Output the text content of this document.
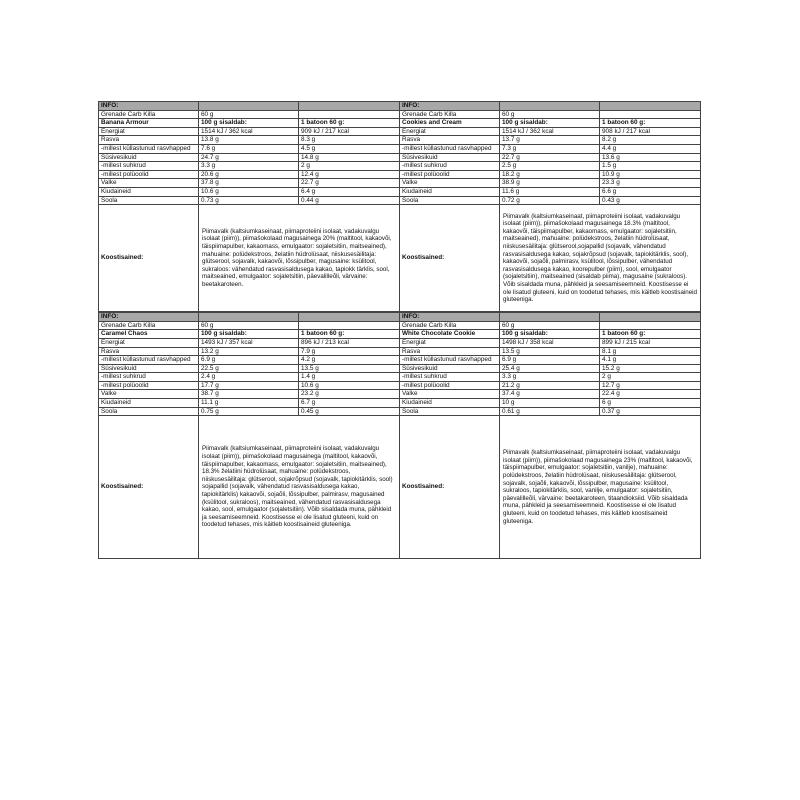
INFO:		
Grenade Carb Killa	60 g	
Banana Armour	100 g sisaldab:	1 batoon 60 g:
Energiat	1514 kJ / 362 kcal	909 kJ / 217 kcal
Rasva	13.8 g	8.3 g
-millest küllastunud rasvhapped	7.6 g	4.5 g
Süsivesikuid	24.7 g	14.8 g
-millest suhkrud	3.3 g	2 g
-millest polüoolid	20.6 g	12.4 g
Valke	37.8 g	22.7 g
Kiudaineid	10.6 g	6.4 g
Soola	0.73 g	0.44 g
Koostisained:	Piimavalk (kaltsiumkaseinaat, piimaproteiini isolaat, vadakuvalgu isolaat (piim)), piimašokolaad magusainega 20% (maltitool, kakaovõi, täispiimapulber, kakaomass, emulgaator: sojaletsitiin, maitseained), mahuaine: polüdekstroos, želatiin hüdrolüsaat, niiskusesäilitaja: glütserool, sojavalk, kakaovõi, lõssipulber, magusaine: ksülitool, sukraloos: vähendatud rasvasisaldusega kakao, tapiokk tärklis, sool, maitseained, emulgaator: sojaletsitiin, päevalilleõli, värvaine: beetakaroteen.	
INFO:		
Grenade Carb Killa	60 g	
Cookies and Cream	100 g sisaldab:	1 batoon 60 g:
Energiat	1514 kJ / 362 kcal	908 kJ / 217 kcal
Rasva	13.7 g	8.2 g
-millest küllastunud rasvhapped	7.3 g	4.4 g
Süsivesikuid	22.7 g	13.6 g
-millest suhkrud	2.5 g	1.5 g
-millest polüoolid	18.2 g	10.9 g
Valke	38.9 g	23.3 g
Kiudaineid	11.6 g	6.6 g
Soola	0.72 g	0.43 g
Koostisained:	Piimavalk (kaltsiumkaseinaat, piimaproteiini isolaat, vadakuvalgu isolaat (piim)), piimašokolaad magusainega 18.3% (maltitool, kakaovõi, täispiimapulber, kakaomass, emulgaator: sojaletsitiin, maitseained), mahuaine: polüdekstroos, želatiin hüdrolüsaat, niiskusesäilitaja: glütserool,sojapallid (sojavalk, vähendatud rasvasisaldusega kakao, sojakrõpsud (sojavalk, tapiokitärklis, sool), kakaovõi, sojaõli, palmirasv, ksülitool, lõssipulber, vähendatud rasvasisaldusega kakao, koorepulber (piim), sool, emulgaator (sojaletsitiin), maitseained (sisaldab piima), magusaine (sukraloos). Võib sisaldada muna, pähkleid ja seesamiseemneid. Koostisesse ei ole lisatud gluteeni, kuid on toodetud tehases, mis käitleb koostisaineid gluteeniga.	
INFO:		
Grenade Carb Killa	60 g	
Caramel Chaos	100 g sisaldab:	1 batoon 60 g:
Energiat	1493 kJ / 357 kcal	896 kJ / 213 kcal
Rasva	13.2 g	7.9 g
-millest küllastunud rasvhapped	6.9 g	4.2 g
Süsivesikuid	22.5 g	13.5 g
-millest suhkrud	2.4 g	1.4 g
-millest polüoolid	17.7 g	10.6 g
Valke	38.7 g	23.2 g
Kiudaineid	11.1 g	6.7 g
Soola	0.75 g	0.45 g
Koostisained:	Piimavalk (kaltsiumkaseinaat, piimaproteiini isolaat, vadakuvalgu isolaat (piim)), piimašokolaad magusainega (maltitool, kakaovõi, täispiimapulber, kakaomass, emulgaator: sojaletsitiin, maitseained), 18.3% želatiini hüdrolüsaat, mahuaine: polüdekstroos, niiskusesäilitaja: glütserool, sojakrõpsud (sojavalk, tapiokitärklis, sool) sojapallid (sojavalk, vähendatud rasvasisaldusega kakao, tapiokitärklis) kakaovõi, sojaõli, lõssipulber, palmirasv, magusained (ksülitool, sukraloos), maitseained, vähendatud rasvasisaldusega kakao, sool, emulgaator (sojaletsitiin). Võib sisaldada muna, pähkleid ja seesamiseemneid. Koostisesse ei ole lisatud gluteeni, kuid on toodetud tehases, mis käitleb koostisaineid gluteeniga.	
INFO:		
Grenade Carb Killa	60 g	
White Chocolate Cookie	100 g sisaldab:	1 batoon 60 g:
Energiat	1498 kJ / 358 kcal	899 kJ / 215 kcal
Rasva	13.5 g	8.1 g
-millest küllastunud rasvhapped	6.9 g	4.1 g
Süsivesikuid	25.4 g	15.2 g
-millest suhkrud	3.3 g	2 g
-millest polüoolid	21.2 g	12.7 g
Valke	37.4 g	22.4 g
Kiudaineid	10 g	6 g
Soola	0.61 g	0.37 g
Koostisained:	Piimavalk (kaltsiumkaseinaat, piimaproteiini isolaat, vadakuvalgu isolaat (piim)), piimašokolaad magusainega 23% (maltitool, kakaovõi, täispiimapulber, emulgaator: sojaletsitiin, vanilje), mahuaine: polüdekstroos, želatiin hüdrolüsaat, niiskusesäilitaja: glütserool, sojavalk, sojaõli, kakaovõi, lõssipulber, magusaine: ksülitool, sukraloos, tapiokitärklis, sool, vanilje, emulgaator: sojaletsitiin, päevalilleõli, värvaine: beetakaroteen, titaandioksiid. Võib sisaldada muna, pähkleid ja seesamiseemneid. Koostisesse ei ole lisatud gluteeni, kuid on toodetud tehases, mis käitleb koostisaineid gluteeniga.	
